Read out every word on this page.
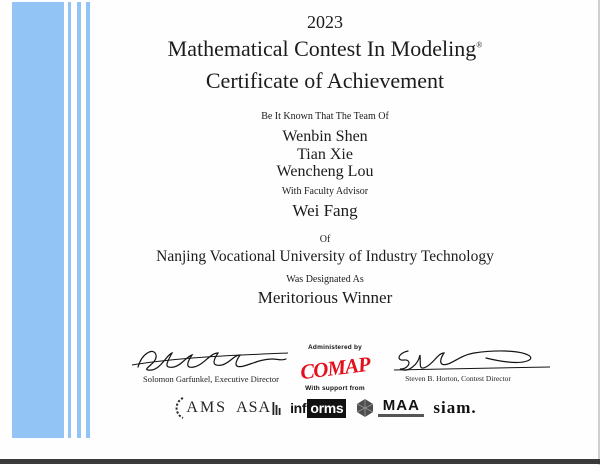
2023
Mathematical Contest In Modeling®
Certificate of Achievement
Be It Known That The Team Of
Wenbin Shen
Tian Xie
Wencheng Lou
With Faculty Advisor
Wei Fang
Of
Nanjing Vocational University of Industry Technology
Was Designated As
Meritorious Winner
Solomon Garfunkel, Executive Director
Administered by
COMAP
With support from
Steven B. Horton, Contest Director
AMS ASA inf orms	MAA siam.
